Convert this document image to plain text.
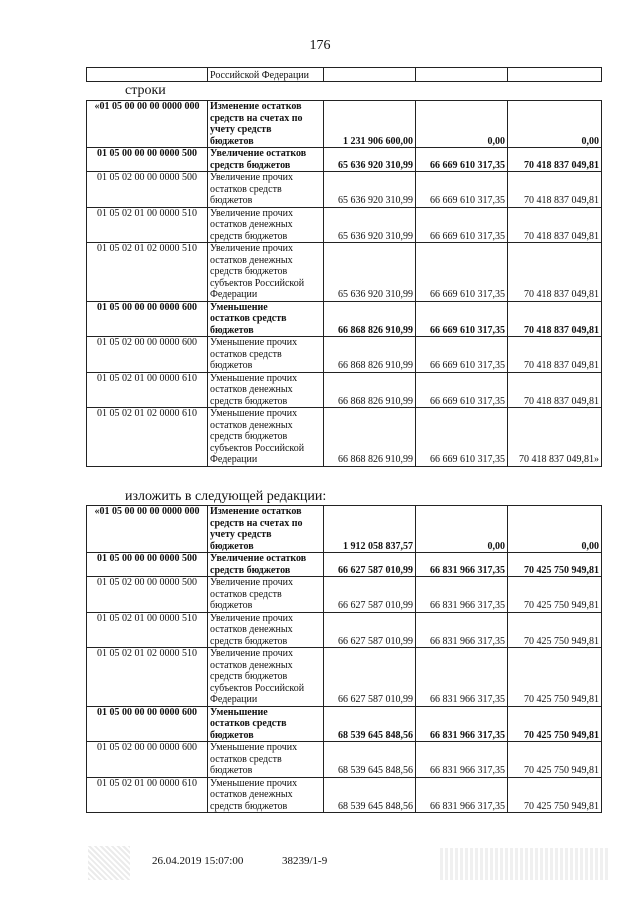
176
	Российской Федерации			
строки
«01 05 00 00 00 0000 000	Изменение остатков
средств на счетах по
учету средств
бюджетов	1 231 906 600,00	0,00	0,00
01 05 00 00 00 0000 500	Увеличение остатков
средств бюджетов	65 636 920 310,99	66 669 610 317,35	70 418 837 049,81
01 05 02 00 00 0000 500	Увеличение прочих
остатков средств
бюджетов	65 636 920 310,99	66 669 610 317,35	70 418 837 049,81
01 05 02 01 00 0000 510	Увеличение прочих
остатков денежных
средств бюджетов	65 636 920 310,99	66 669 610 317,35	70 418 837 049,81
01 05 02 01 02 0000 510	Увеличение прочих
остатков денежных
средств бюджетов
субъектов Российской
Федерации	65 636 920 310,99	66 669 610 317,35	70 418 837 049,81
01 05 00 00 00 0000 600	Уменьшение
остатков средств
бюджетов	66 868 826 910,99	66 669 610 317,35	70 418 837 049,81
01 05 02 00 00 0000 600	Уменьшение прочих
остатков средств
бюджетов	66 868 826 910,99	66 669 610 317,35	70 418 837 049,81
01 05 02 01 00 0000 610	Уменьшение прочих
остатков денежных
средств бюджетов	66 868 826 910,99	66 669 610 317,35	70 418 837 049,81
01 05 02 01 02 0000 610	Уменьшение прочих
остатков денежных
средств бюджетов
субъектов Российской
Федерации	66 868 826 910,99	66 669 610 317,35	70 418 837 049,81»
изложить в следующей редакции:
«01 05 00 00 00 0000 000	Изменение остатков
средств на счетах по
учету средств
бюджетов	1 912 058 837,57	0,00	0,00
01 05 00 00 00 0000 500	Увеличение остатков
средств бюджетов	66 627 587 010,99	66 831 966 317,35	70 425 750 949,81
01 05 02 00 00 0000 500	Увеличение прочих
остатков средств
бюджетов	66 627 587 010,99	66 831 966 317,35	70 425 750 949,81
01 05 02 01 00 0000 510	Увеличение прочих
остатков денежных
средств бюджетов	66 627 587 010,99	66 831 966 317,35	70 425 750 949,81
01 05 02 01 02 0000 510	Увеличение прочих
остатков денежных
средств бюджетов
субъектов Российской
Федерации	66 627 587 010,99	66 831 966 317,35	70 425 750 949,81
01 05 00 00 00 0000 600	Уменьшение
остатков средств
бюджетов	68 539 645 848,56	66 831 966 317,35	70 425 750 949,81
01 05 02 00 00 0000 600	Уменьшение прочих
остатков средств
бюджетов	68 539 645 848,56	66 831 966 317,35	70 425 750 949,81
01 05 02 01 00 0000 610	Уменьшение прочих
остатков денежных
средств бюджетов	68 539 645 848,56	66 831 966 317,35	70 425 750 949,81
26.04.2019 15:07:00	38239/1-9
